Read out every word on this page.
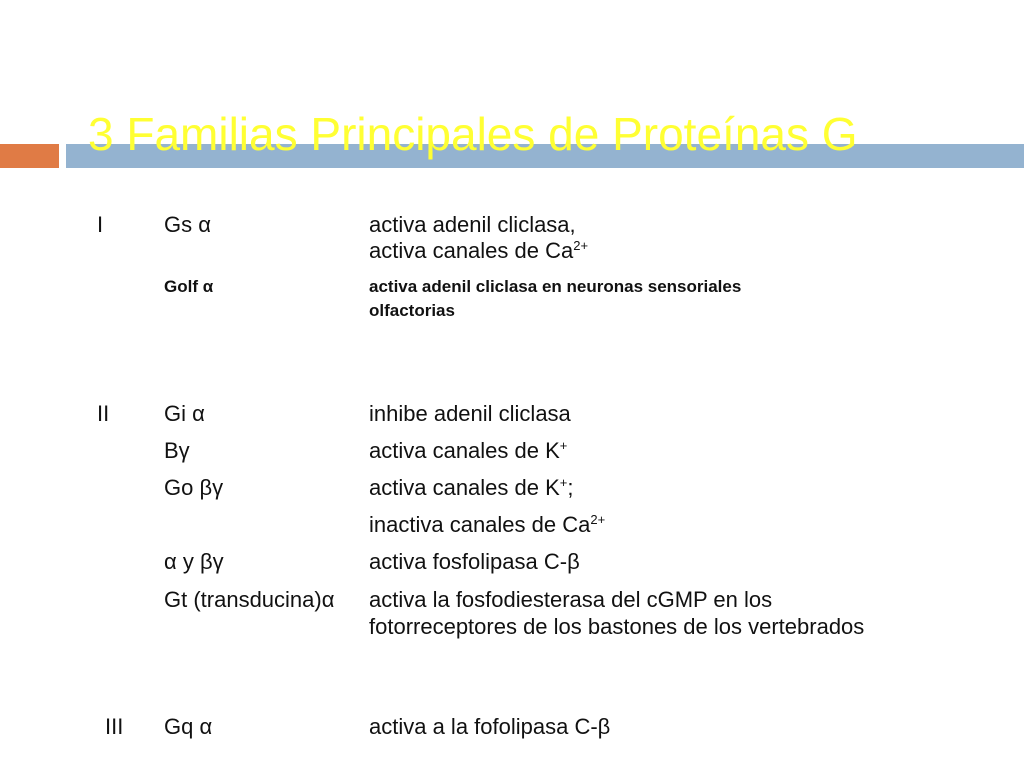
3 Familias Principales de Proteínas G
I	Gs α	activa adenil cliclasa,
activa canales de $Ca^{2+}$
Golf α	activa adenil cliclasa en neuronas sensoriales
olfactorias
II Gi α	inhibe adenil cliclasa
Bγ	activa canales de K+
Go βγ	activa canales de K+;
inactiva canales de $Ca^{2+}$
α y βγ	activa fosfolipasa C-β
Gt (transducina)α activa la fosfodiesterasa del cGMP en los
fotorreceptores de los bastones de los vertebrados
III Gq α	activa a la fofolipasa C-β
